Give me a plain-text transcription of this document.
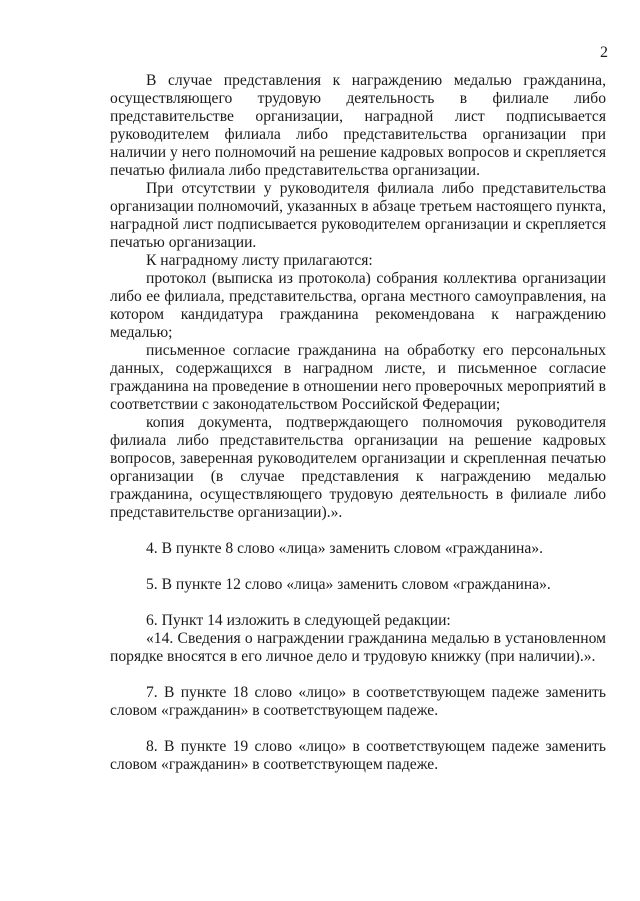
2

В случае представления к награждению медалью гражданина, осуществляющего трудовую деятельность в филиале либо представительстве организации, наградной лист подписывается руководителем филиала либо представительства организации при наличии у него полномочий на решение кадровых вопросов и скрепляется печатью филиала либо представительства организации.

При отсутствии у руководителя филиала либо представительства организации полномочий, указанных в абзаце третьем настоящего пункта, наградной лист подписывается руководителем организации и скрепляется печатью организации.

К наградному листу прилагаются:

протокол (выписка из протокола) собрания коллектива организации либо ее филиала, представительства, органа местного самоуправления, на котором кандидатура гражданина рекомендована к награждению медалью;

письменное согласие гражданина на обработку его персональных данных, содержащихся в наградном листе, и письменное согласие гражданина на проведение в отношении него проверочных мероприятий в соответствии с законодательством Российской Федерации;

копия документа, подтверждающего полномочия руководителя филиала либо представительства организации на решение кадровых вопросов, заверенная руководителем организации и скрепленная печатью организации (в случае представления к награждению медалью гражданина, осуществляющего трудовую деятельность в филиале либо представительстве организации).».

4. В пункте 8 слово «лица» заменить словом «гражданина».

5. В пункте 12 слово «лица» заменить словом «гражданина».

6. Пункт 14 изложить в следующей редакции:

«14. Сведения о награждении гражданина медалью в установленном порядке вносятся в его личное дело и трудовую книжку (при наличии).».

7. В пункте 18 слово «лицо» в соответствующем падеже заменить словом «гражданин» в соответствующем падеже.

8. В пункте 19 слово «лицо» в соответствующем падеже заменить словом «гражданин» в соответствующем падеже.
